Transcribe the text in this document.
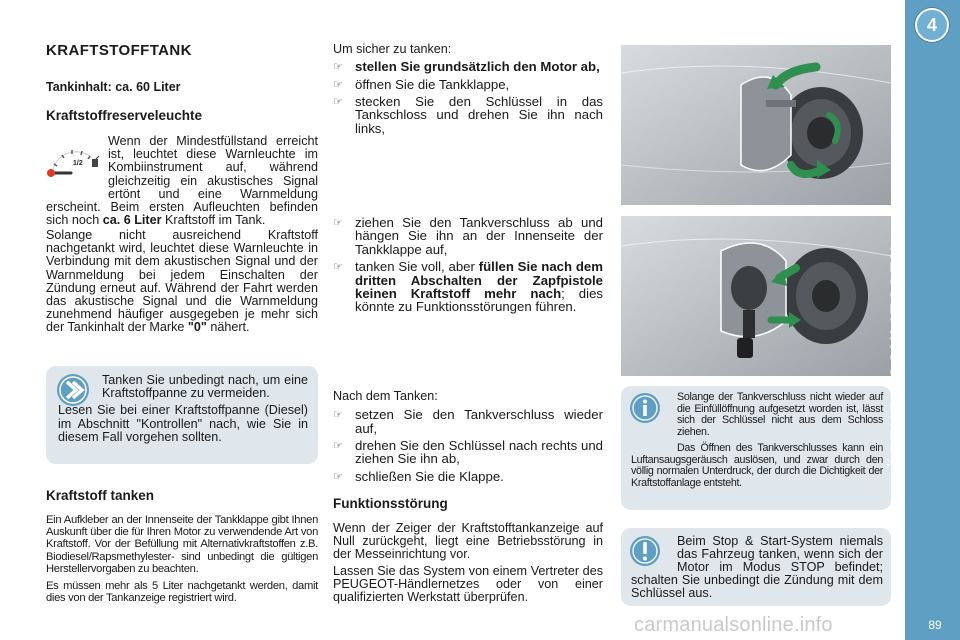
KRAFTSTOFFTANK
Tankinhalt: ca. 60 Liter
Kraftstoffreserveleuchte
1/2
Wenn der Mindestfüllstand erreicht ist, leuchtet diese Warnleuchte im Kombiinstrument auf, während gleichzeitig ein akustisches Signal ertönt und eine Warnmeldung erscheint. Beim ersten Aufleuchten befinden sich noch ca. 6 Liter Kraftstoff im Tank.
Solange nicht ausreichend Kraftstoff nachgetankt wird, leuchtet diese Warnleuchte in Verbindung mit dem akustischen Signal und der Warnmeldung bei jedem Einschalten der Zündung erneut auf. Während der Fahrt werden das akustische Signal und die Warnmeldung zunehmend häufiger ausgegeben je mehr sich der Tankinhalt der Marke "0" nähert.
Tanken Sie unbedingt nach, um eine Kraftstoffpanne zu vermeiden.
Lesen Sie bei einer Kraftstoffpanne (Diesel) im Abschnitt "Kontrollen" nach, wie Sie in diesem Fall vorgehen sollten.
Kraftstoff tanken
Ein Aufkleber an der Innenseite der Tankklappe gibt Ihnen Auskunft über die für Ihren Motor zu verwendende Art von Kraftstoff. Vor der Befüllung mit Alternativkraftstoffen z.B. Biodiesel/Rapsmethylester- sind unbedingt die gültigen Herstellervorgaben zu beachten.
Es müssen mehr als 5 Liter nachgetankt werden, damit dies von der Tankanzeige registriert wird.
Um sicher zu tanken:
☞ stellen Sie grundsätzlich den Motor ab,
☞ öffnen Sie die Tankklappe,
☞ stecken Sie den Schlüssel in das Tankschloss und drehen Sie ihn nach links,
☞ ziehen Sie den Tankverschluss ab und hängen Sie ihn an der Innenseite der Tankklappe auf,
☞ tanken Sie voll, aber füllen Sie nach dem dritten Abschalten der Zapfpistole keinen Kraftstoff mehr nach; dies könnte zu Funktionsstörungen führen.
Nach dem Tanken:
☞ setzen Sie den Tankverschluss wieder auf,
☞ drehen Sie den Schlüssel nach rechts und ziehen Sie ihn ab,
☞ schließen Sie die Klappe.
Funktionsstörung
Wenn der Zeiger der Kraftstofftankanzeige auf Null zurückgeht, liegt eine Betriebsstörung in der Messeinrichtung vor.
Lassen Sie das System von einem Vertreter des PEUGEOT-Händlernetzes oder von einer qualifizierten Werkstatt überprüfen.
Solange der Tankverschluss nicht wieder auf die Einfüllöffnung aufgesetzt worden ist, lässt sich der Schlüssel nicht aus dem Schloss ziehen.
Das Öffnen des Tankverschlusses kann ein Luftansaugsgeräusch auslösen, und zwar durch den völlig normalen Unterdruck, der durch die Dichtigkeit der Kraftstoffanlage entsteht.
Beim Stop & Start-System niemals das Fahrzeug tanken, wenn sich der Motor im Modus STOP befindet; schalten Sie unbedingt die Zündung mit dem Schlüssel aus.
4
ÖFFNEN/SCHLIESSEN
89
carmanualsonline.info
